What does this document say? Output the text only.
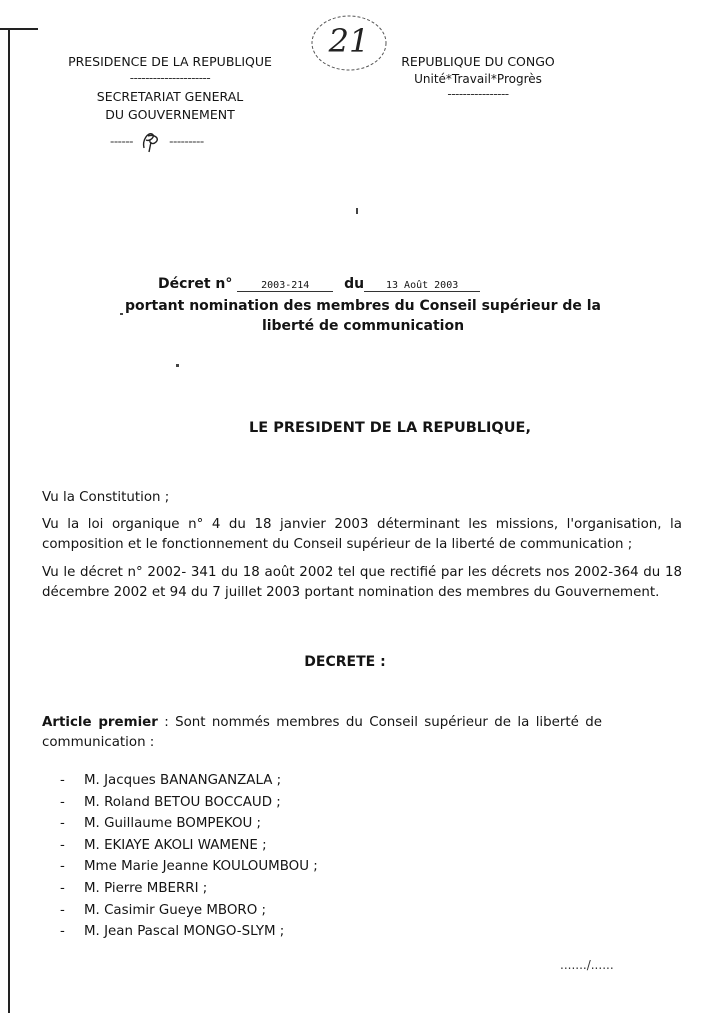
PRESIDENCE DE LA REPUBLIQUE
---------------------
SECRETARIAT GENERAL
DU GOUVERNEMENT
------	---------
21
REPUBLIQUE DU CONGO
Unité*Travail*Progrès
----------------
Décret n°	2003-214 du 13 Août 2003
portant nomination des membres du Conseil supérieur de la
liberté de communication
LE PRESIDENT DE LA REPUBLIQUE,
Vu la Constitution ;
Vu la loi organique n° 4 du 18 janvier 2003 déterminant les missions, l'organisation, la composition et le fonctionnement du Conseil supérieur de la liberté de communication ;
Vu le décret n° 2002- 341 du 18 août 2002 tel que rectifié par les décrets nos 2002-364 du 18 décembre 2002 et 94 du 7 juillet 2003 portant nomination des membres du Gouvernement.
DECRETE :
Article premier : Sont nommés membres du Conseil supérieur de la liberté de communication :
- M. Jacques BANANGANZALA ;
- M. Roland BETOU BOCCAUD ;
- M. Guillaume BOMPEKOU ;
- M. EKIAYE AKOLI WAMENE ;
- Mme Marie Jeanne KOULOUMBOU ;
- M. Pierre MBERRI ;
- M. Casimir Gueye MBORO ;
- M. Jean Pascal MONGO-SLYM ;
......./......
